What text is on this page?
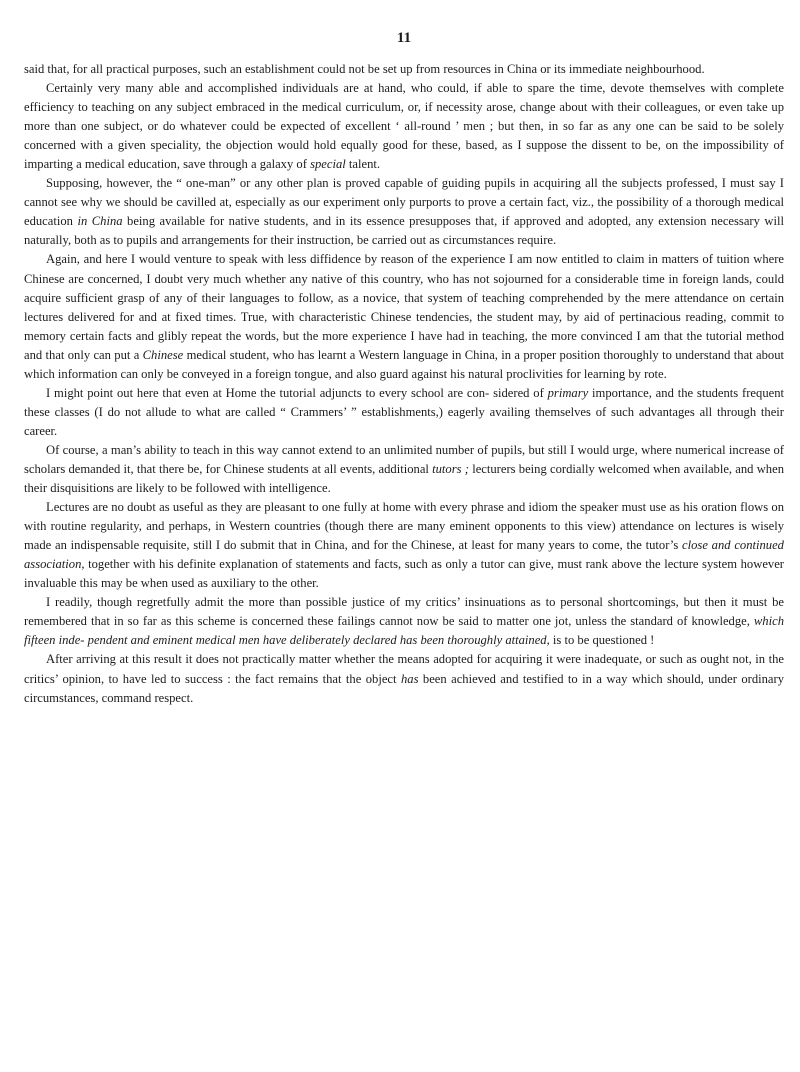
11

said that, for all practical purposes, such an establishment could not be set up from resources in China or its immediate neighbourhood.

Certainly very many able and accomplished individuals are at hand, who could, if able to spare the time, devote themselves with complete efficiency to teaching on any subject embraced in the medical curriculum, or, if necessity arose, change about with their colleagues, or even take up more than one subject, or do whatever could be expected of excellent ‘ all-round ’ men ; but then, in so far as any one can be said to be solely concerned with a given speciality, the objection would hold equally good for these, based, as I suppose the dissent to be, on the impossibility of imparting a medical education, save through a galaxy of special talent.

Supposing, however, the “ one-man” or any other plan is proved capable of guiding pupils in acquiring all the subjects professed, I must say I cannot see why we should be cavilled at, especially as our experiment only purports to prove a certain fact, viz., the possibility of a thorough medical education in China being available for native students, and in its essence presupposes that, if approved and adopted, any extension necessary will naturally, both as to pupils and arrangements for their instruction, be carried out as circumstances require.

Again, and here I would venture to speak with less diffidence by reason of the experience I am now entitled to claim in matters of tuition where Chinese are concerned, I doubt very much whether any native of this country, who has not sojourned for a considerable time in foreign lands, could acquire sufficient grasp of any of their languages to follow, as a novice, that system of teaching comprehended by the mere attendance on certain lectures delivered for and at fixed times. True, with characteristic Chinese tendencies, the student may, by aid of pertinacious reading, commit to memory certain facts and glibly repeat the words, but the more experience I have had in teaching, the more convinced I am that the tutorial method and that only can put a Chinese medical student, who has learnt a Western language in China, in a proper position thoroughly to understand that about which information can only be conveyed in a foreign tongue, and also guard against his natural proclivities for learning by rote.

I might point out here that even at Home the tutorial adjuncts to every school are con- sidered of primary importance, and the students frequent these classes (I do not allude to what are called “ Crammers’ ” establishments,) eagerly availing themselves of such advantages all through their career.

Of course, a man’s ability to teach in this way cannot extend to an unlimited number of pupils, but still I would urge, where numerical increase of scholars demanded it, that there be, for Chinese students at all events, additional tutors ; lecturers being cordially welcomed when available, and when their disquisitions are likely to be followed with intelligence.

Lectures are no doubt as useful as they are pleasant to one fully at home with every phrase and idiom the speaker must use as his oration flows on with routine regularity, and perhaps, in Western countries (though there are many eminent opponents to this view) attendance on lectures is wisely made an indispensable requisite, still I do submit that in China, and for the Chinese, at least for many years to come, the tutor’s close and continued association, together with his definite explanation of statements and facts, such as only a tutor can give, must rank above the lecture system however invaluable this may be when used as auxiliary to the other.

I readily, though regretfully admit the more than possible justice of my critics’ insinuations as to personal shortcomings, but then it must be remembered that in so far as this scheme is concerned these failings cannot now be said to matter one jot, unless the standard of knowledge, which fifteen inde- pendent and eminent medical men have deliberately declared has been thoroughly attained, is to be questioned !

After arriving at this result it does not practically matter whether the means adopted for acquiring it were inadequate, or such as ought not, in the critics’ opinion, to have led to success : the fact remains that the object has been achieved and testified to in a way which should, under ordinary circumstances, command respect.
